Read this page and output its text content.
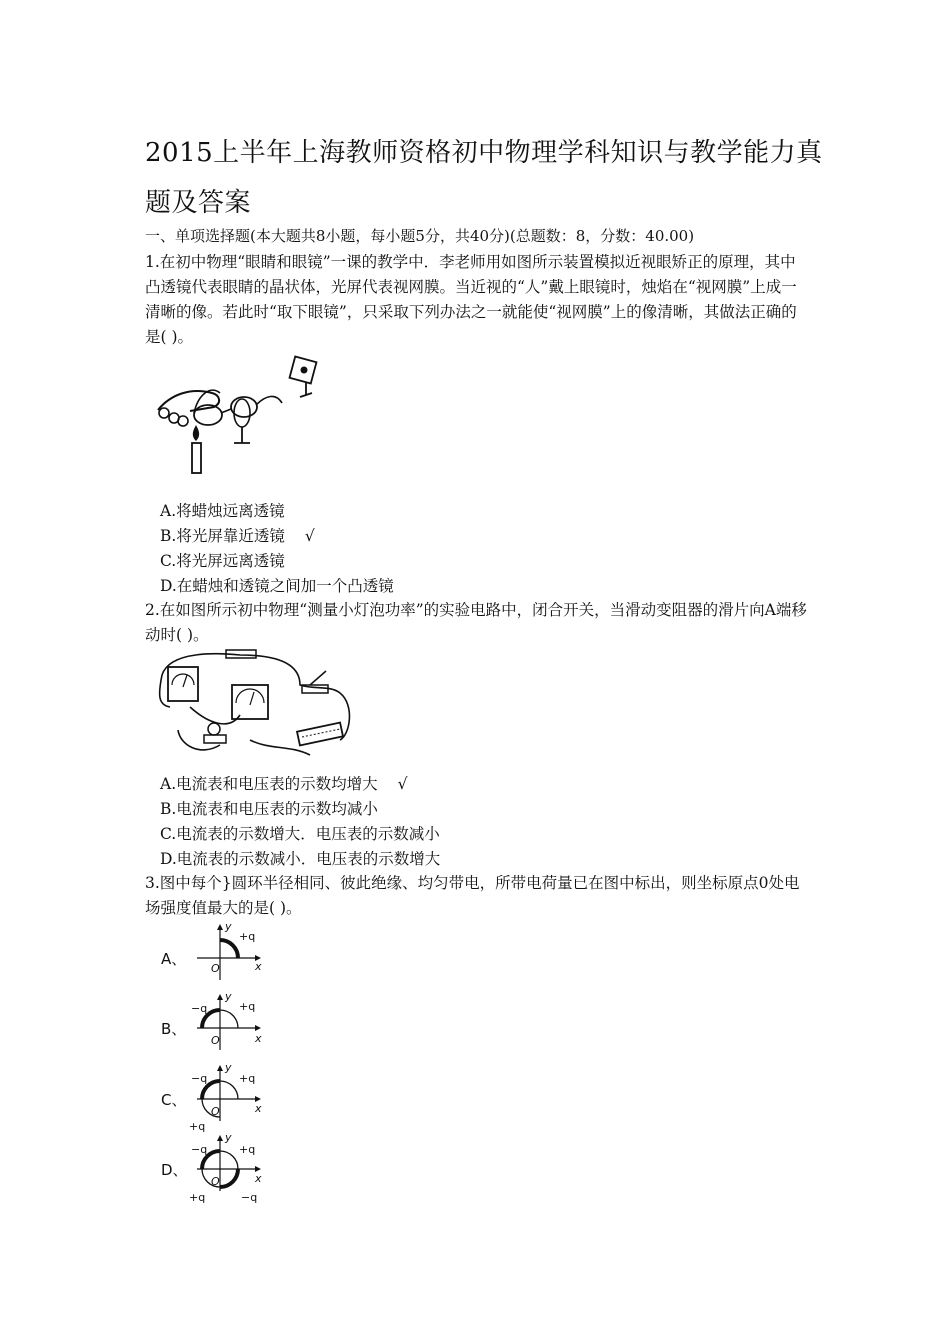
2015上半年上海教师资格初中物理学科知识与教学能力真题及答案
一、单项选择题(本大题共8小题，每小题5分，共40分)(总题数：8，分数：40.00)
1.在初中物理“眼睛和眼镜”一课的教学中．李老师用如图所示装置模拟近视眼矫正的原理，其中凸透镜代表眼睛的晶状体，光屏代表视网膜。当近视的“人”戴上眼镜时，烛焰在“视网膜”上成一清晰的像。若此时“取下眼镜”，只采取下列办法之一就能使“视网膜”上的像清晰，其做法正确的是( )。
A.将蜡烛远离透镜
B.将光屏靠近透镜 √
C.将光屏远离透镜
D.在蜡烛和透镜之间加一个凸透镜
2.在如图所示初中物理“测量小灯泡功率”的实验电路中，闭合开关，当滑动变阻器的滑片向A端移动时( )。
A.电流表和电压表的示数均增大 √
B.电流表和电压表的示数均减小
C.电流表的示数增大．电压表的示数减小
D.电流表的示数减小．电压表的示数增大
3.图中每个}圆环半径相同、彼此绝缘、均匀带电，所带电荷量已在图中标出，则坐标原点0处电场强度值最大的是( )。
A、
y
+q
O	x
B、
y
−q	+q
O	x
C、
y
−q	+q
+q
O	x
D、
y
−q	+q
+q	−q
O	x
